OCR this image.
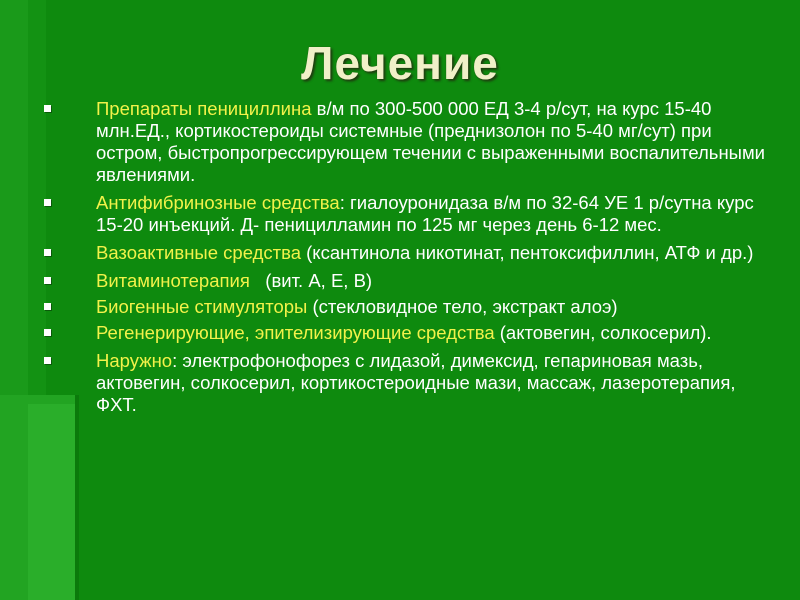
Лечение
Препараты пенициллина в/м по 300-500 000 ЕД 3-4 р/сут, на курс 15-40 млн.ЕД., кортикостероиды системные (преднизолон по 5-40 мг/сут) при остром, быстропрогрессирующем течении с выраженными воспалительными явлениями.
Антифибринозные средства: гиалоуронидаза в/м по 32-64 УЕ 1 р/сутна курс 15-20 инъекций. Д- пеницилламин по 125 мг через день 6-12 мес.
Вазоактивные средства (ксантинола никотинат, пентоксифиллин, АТФ и др.)
Витаминотерапия   (вит. А, Е, В)
Биогенные стимуляторы (стекловидное тело, экстракт алоэ)
Регенерирующие, эпителизирующие средства (актовегин, солкосерил).
Наружно: электрофонофорез с лидазой, димексид, гепариновая мазь, актовегин, солкосерил, кортикостероидные мази, массаж, лазеротерапия, ФХТ.
